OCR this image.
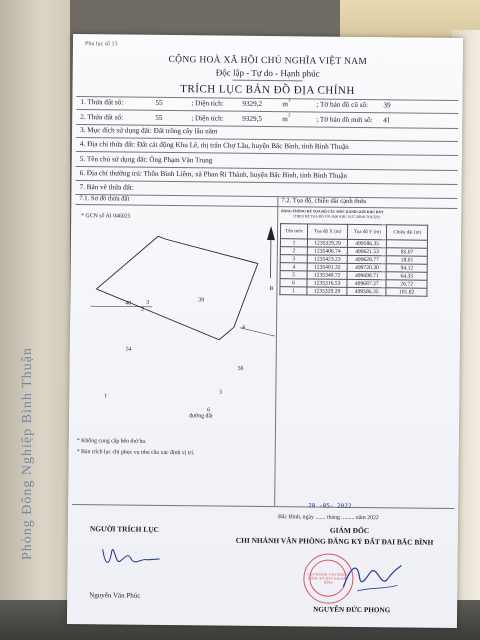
Phòng Đông Nghiệp Bình Thuận
Phụ lục số 13
CỘNG HOÀ XÃ HỘI CHỦ NGHĨA VIỆT NAM
Độc lập - Tự do - Hạnh phúc
TRÍCH LỤC BẢN ĐỒ ĐỊA CHÍNH
1. Thửa đất số:	55	; Diện tích:	9329,2	m
2
; Tờ bản đồ cũ số: 39
2. Thửa đất số:	55	; Diện tích:	9329,5	m
2
; Tờ bản đồ mới số: 41
3. Mục đích sử dụng đất: Đất trồng cây lâu năm
4. Địa chỉ thửa đất: Đất cát động Khu Lê, thị trấn Chợ Lầu, huyện Bắc Bình, tỉnh Bình Thuận
5. Tên chủ sử dụng đất: Ông Phạm Văn Trung
6. Địa chỉ thường trú: Thôn Bình Liêm, xã Phan Rí Thành, huyện Bắc Bình, tỉnh Bình Thuận
7. Bản vẽ thửa đất:
7.1. Sơ đồ thửa đất	7.2. Tọa độ, chiều dài cạnh thửa
* GCN số AI 046025
B
đường đất
40
39
54
56
1
2
3
4
5
6
* Không cung cấp bên thứ ba.
* Bản trích lục chỉ phục vụ nhu cầu xác định vị trí.
BẢNG THỐNG KÊ TỌA ĐỘ CÁC MỐC RANH GIỚI KHU ĐẤT
(THEO HỆ TỌA ĐỘ VN-2000 KHU VỰC BÌNH THUẬN)
Tên mốc	Tọa độ X (m)	Tọa độ Y (m)	Chiều dài (m)
1	1235329.29	499586.35	
2	1235406.74	499621.53	85.07
3	1235423.23	499628.77	18.01
4	1235401.32	499720.30	94.12
5	1235340.72	499698.71	64.33
6	1235316.53	499687.37	26.72
1	1235329.29	499586.35	101.82
20 -05- 2022
Bắc Bình, ngày ....... tháng ......... năm 2022
NGƯỜI TRÍCH LỤC	GIÁM ĐỐC
CHI NHÁNH VĂN PHÒNG ĐĂNG KÝ ĐẤT ĐAI BẮC BÌNH
CHI NHÁNH VĂN PHÒNG ĐĂNG KÝ ĐẤT ĐAI BẮC BÌNH
Nguyễn Văn Phúc
NGUYỄN ĐỨC PHONG
